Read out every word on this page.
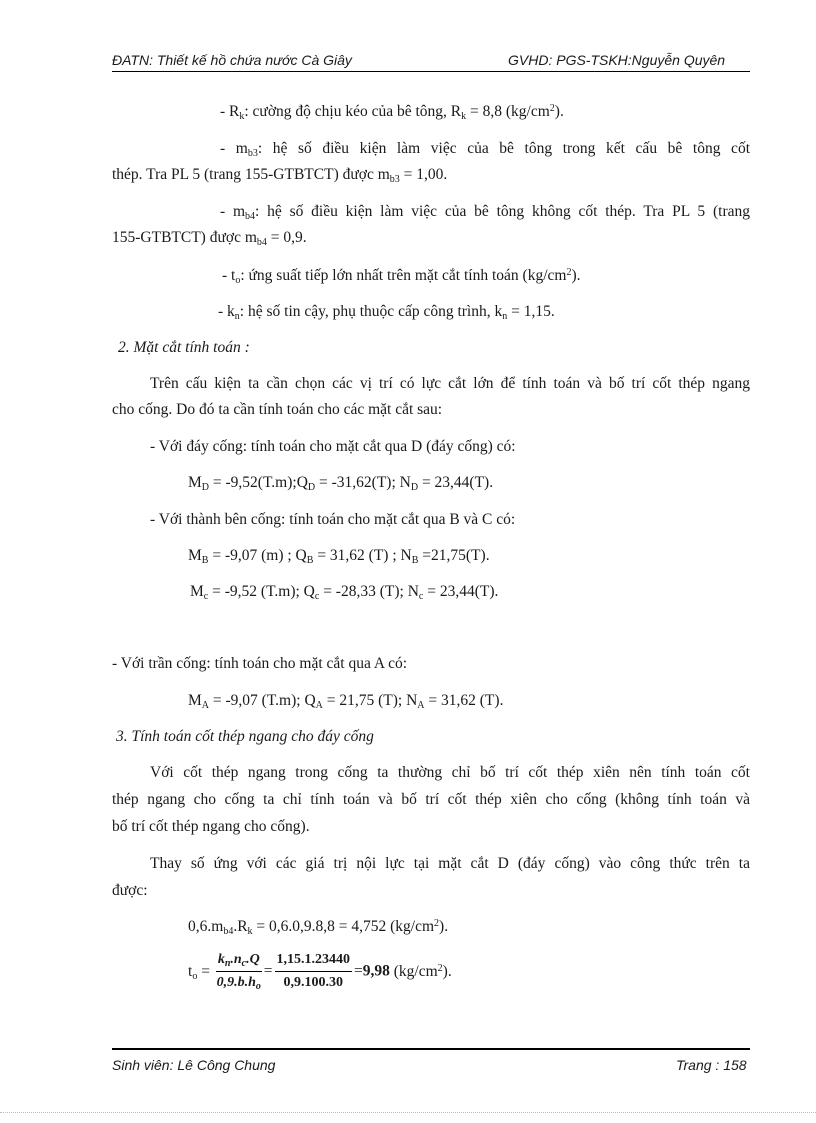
ĐATN: Thiết kế hồ chứa nước Cà Giây	GVHD: PGS-TSKH:Nguyễn Quyên
- $R_k$: cường độ chịu kéo của bê tông, $R_k = 8,8$ $(kg/cm^2)$.
- $m_{b3}$: hệ số điều kiện làm việc của bê tông trong kết cấu bê tông cốt
thép. Tra PL 5 (trang 155-GTBTCT) được $m_{b3} = 1,00$.
- $m_{b4}$: hệ số điều kiện làm việc của bê tông không cốt thép. Tra PL 5 (trang
155-GTBTCT) được $m_{b4} = 0,9$.
- $t_o$: ứng suất tiếp lớn nhất trên mặt cắt tính toán $(kg/cm^2)$.
- $k_n$: hệ số tin cậy, phụ thuộc cấp công trình, $k_n = 1,15$.
2. Mặt cắt tính toán :
Trên cấu kiện ta cần chọn các vị trí có lực cắt lớn để tính toán và bố trí cốt thép ngang
cho cống. Do đó ta cần tính toán cho các mặt cắt sau:
- Với đáy cống: tính toán cho mặt cắt qua D (đáy cống) có:
$M_D$ = $-9,52(T.m);Q_D = -31,62(T)$; $N_D = 23,44(T)$.
- Với thành bên cống: tính toán cho mặt cắt qua B và C có:
$M_B = -9,07$ (m) ; $Q_B = 31,62$ (T) ; $N_B =21,75(T)$.
$M_c = -9,52$ (T.m); $Q_c = -28,33$ (T); $N_c = 23,44(T)$.
- Với trần cống: tính toán cho mặt cắt qua A có:
$M_A = -9,07$ (T.m); $Q_A = 21,75$ (T); $N_A = 31,62$ (T).
3. Tính toán cốt thép ngang cho đáy cống
Với cốt thép ngang trong cống ta thường chỉ bố trí cốt thép xiên nên tính toán cốt
thép ngang cho cống ta chỉ tính toán và bố trí cốt thép xiên cho cống (không tính toán và
bố trí cốt thép ngang cho cống).
Thay số ứng với các giá trị nội lực tại mặt cắt D (đáy cống) vào công thức trên ta
được:
$0,6.m_{b4}.R_k = 0,6.0,9.8,8 = 4,752$ $(kg/cm^2)$.
$t_o = \frac{k_n.n_c.Q}{0,9.b.h_o} = \frac{1,15.1.23440}{0,9.100.30} =9,98$ $(kg/cm^2)$.
Sinh viên: Lê Công Chung	Trang : 158
